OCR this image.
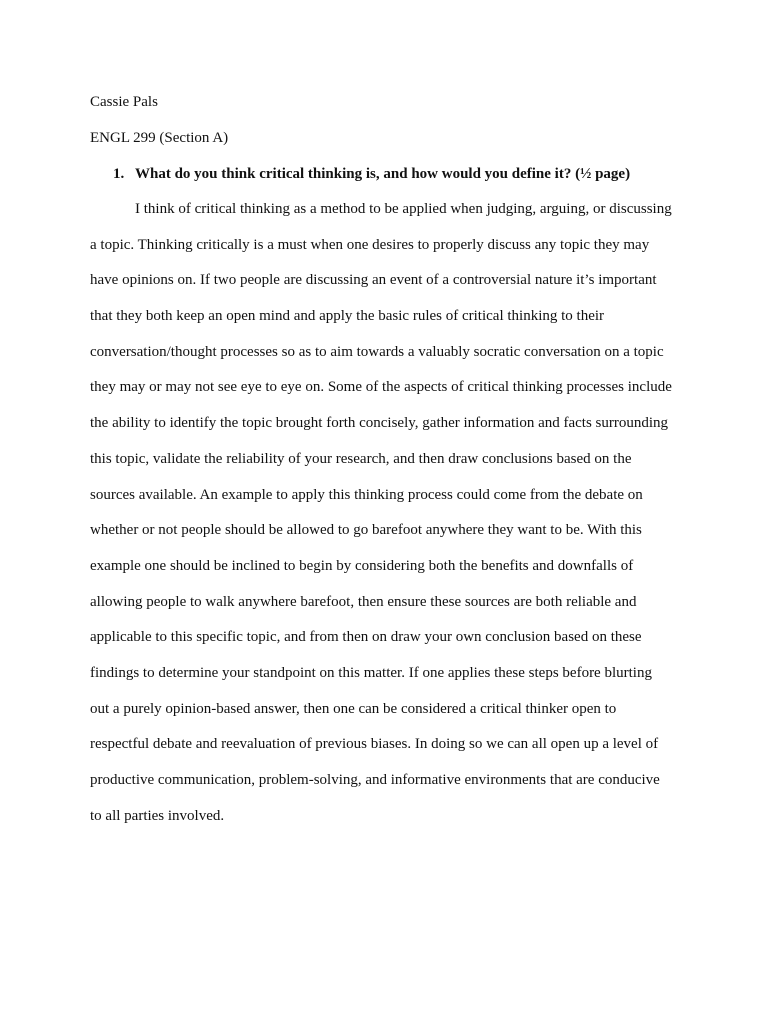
Cassie Pals
ENGL 299 (Section A)
1. What do you think critical thinking is, and how would you define it? (½ page)
I think of critical thinking as a method to be applied when judging, arguing, or discussing
a topic. Thinking critically is a must when one desires to properly discuss any topic they may
have opinions on. If two people are discussing an event of a controversial nature it’s important
that they both keep an open mind and apply the basic rules of critical thinking to their
conversation/thought processes so as to aim towards a valuably socratic conversation on a topic
they may or may not see eye to eye on. Some of the aspects of critical thinking processes include
the ability to identify the topic brought forth concisely, gather information and facts surrounding
this topic, validate the reliability of your research, and then draw conclusions based on the
sources available. An example to apply this thinking process could come from the debate on
whether or not people should be allowed to go barefoot anywhere they want to be. With this
example one should be inclined to begin by considering both the benefits and downfalls of
allowing people to walk anywhere barefoot, then ensure these sources are both reliable and
applicable to this specific topic, and from then on draw your own conclusion based on these
findings to determine your standpoint on this matter. If one applies these steps before blurting
out a purely opinion-based answer, then one can be considered a critical thinker open to
respectful debate and reevaluation of previous biases. In doing so we can all open up a level of
productive communication, problem-solving, and informative environments that are conducive
to all parties involved.
